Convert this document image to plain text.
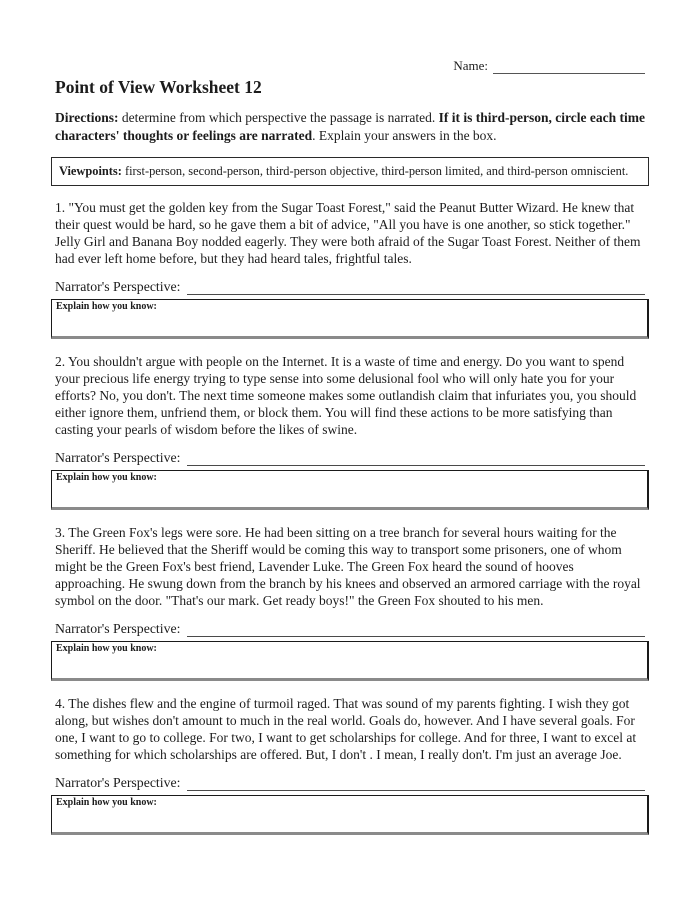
Name:
Point of View Worksheet 12
Directions: determine from which perspective the passage is narrated. If it is third-person, circle each time characters' thoughts or feelings are narrated. Explain your answers in the box.
Viewpoints: first-person, second-person, third-person objective, third-person limited, and third-person omniscient.
1. "You must get the golden key from the Sugar Toast Forest," said the Peanut Butter Wizard. He knew that their quest would be hard, so he gave them a bit of advice, "All you have is one another, so stick together." Jelly Girl and Banana Boy nodded eagerly. They were both afraid of the Sugar Toast Forest. Neither of them had ever left home before, but they had heard tales, frightful tales.
Narrator's Perspective:
Explain how you know:
2. You shouldn't argue with people on the Internet. It is a waste of time and energy. Do you want to spend your precious life energy trying to type sense into some delusional fool who will only hate you for your efforts? No, you don't. The next time someone makes some outlandish claim that infuriates you, you should either ignore them, unfriend them, or block them. You will find these actions to be more satisfying than casting your pearls of wisdom before the likes of swine.
Narrator's Perspective:
Explain how you know:
3. The Green Fox's legs were sore. He had been sitting on a tree branch for several hours waiting for the Sheriff. He believed that the Sheriff would be coming this way to transport some prisoners, one of whom might be the Green Fox's best friend, Lavender Luke. The Green Fox heard the sound of hooves approaching. He swung down from the branch by his knees and observed an armored carriage with the royal symbol on the door. "That's our mark. Get ready boys!" the Green Fox shouted to his men.
Narrator's Perspective:
Explain how you know:
4. The dishes flew and the engine of turmoil raged. That was sound of my parents fighting. I wish they got along, but wishes don't amount to much in the real world. Goals do, however. And I have several goals. For one, I want to go to college. For two, I want to get scholarships for college. And for three, I want to excel at something for which scholarships are offered. But, I don't . I mean, I really don't. I'm just an average Joe.
Narrator's Perspective:
Explain how you know:
